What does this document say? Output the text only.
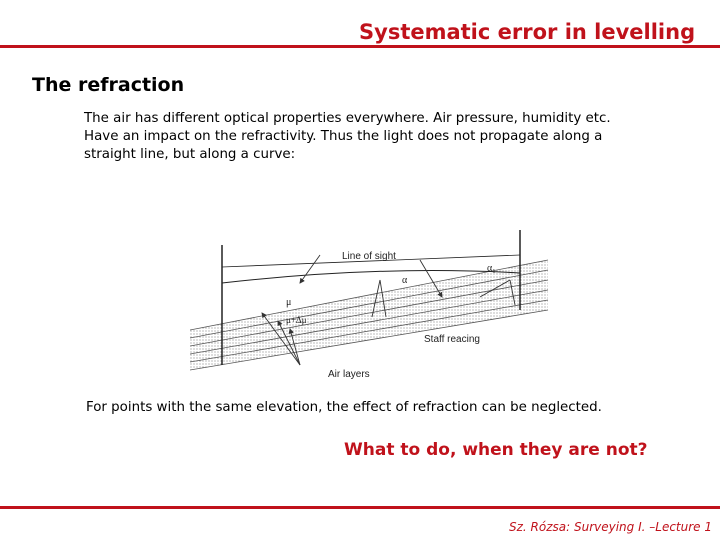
Systematic error in levelling
The refraction
The air has different optical properties everywhere. Air pressure, humidity etc. Have an impact on the refractivity. Thus the light does not propagate along a straight line, but along a curve:
Line of sight
α₁
α
μ
μ+Δμ
Staff reacing
Air layers
For points with the same elevation, the effect of refraction can be neglected.
What to do, when they are not?
Sz. Rózsa: Surveying I. –Lecture 1
